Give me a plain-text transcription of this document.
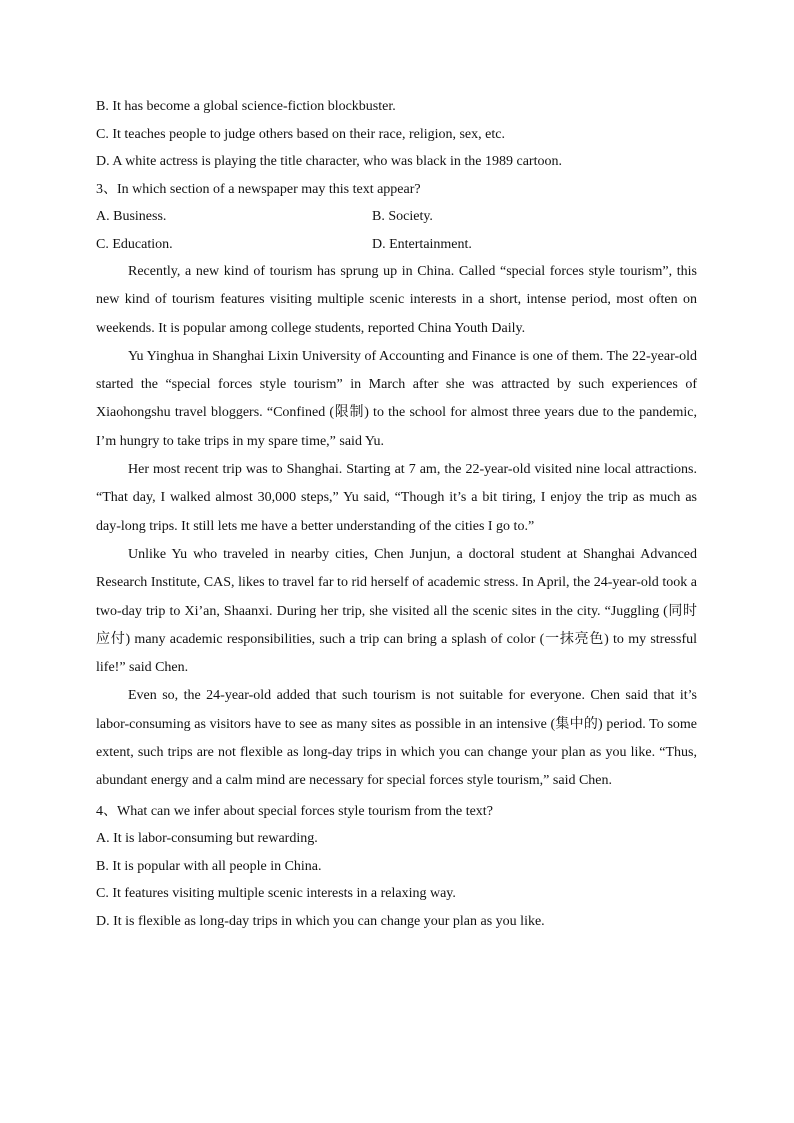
B. It has become a global science-fiction blockbuster.
C. It teaches people to judge others based on their race, religion, sex, etc.
D. A white actress is playing the title character, who was black in the 1989 cartoon.
3、In which section of a newspaper may this text appear?
A. Business.	B. Society.
C. Education.	D. Entertainment.

Recently, a new kind of tourism has sprung up in China. Called “special forces style tourism”, this new kind of tourism features visiting multiple scenic interests in a short, intense period, most often on weekends. It is popular among college students, reported China Youth Daily.

Yu Yinghua in Shanghai Lixin University of Accounting and Finance is one of them. The 22-year-old started the “special forces style tourism” in March after she was attracted by such experiences of Xiaohongshu travel bloggers. “Confined (限制) to the school for almost three years due to the pandemic, I’m hungry to take trips in my spare time,” said Yu.

Her most recent trip was to Shanghai. Starting at 7 am, the 22-year-old visited nine local attractions. “That day, I walked almost 30,000 steps,” Yu said, “Though it’s a bit tiring, I enjoy the trip as much as day-long trips. It still lets me have a better understanding of the cities I go to.”

Unlike Yu who traveled in nearby cities, Chen Junjun, a doctoral student at Shanghai Advanced Research Institute, CAS, likes to travel far to rid herself of academic stress. In April, the 24-year-old took a two-day trip to Xi’an, Shaanxi. During her trip, she visited all the scenic sites in the city. “Juggling (同时应付) many academic responsibilities, such a trip can bring a splash of color (一抹亮色) to my stressful life!” said Chen.

Even so, the 24-year-old added that such tourism is not suitable for everyone. Chen said that it’s labor-consuming as visitors have to see as many sites as possible in an intensive (集中的) period. To some extent, such trips are not flexible as long-day trips in which you can change your plan as you like. “Thus, abundant energy and a calm mind are necessary for special forces style tourism,” said Chen.

4、What can we infer about special forces style tourism from the text?
A. It is labor-consuming but rewarding.
B. It is popular with all people in China.
C. It features visiting multiple scenic interests in a relaxing way.
D. It is flexible as long-day trips in which you can change your plan as you like.
